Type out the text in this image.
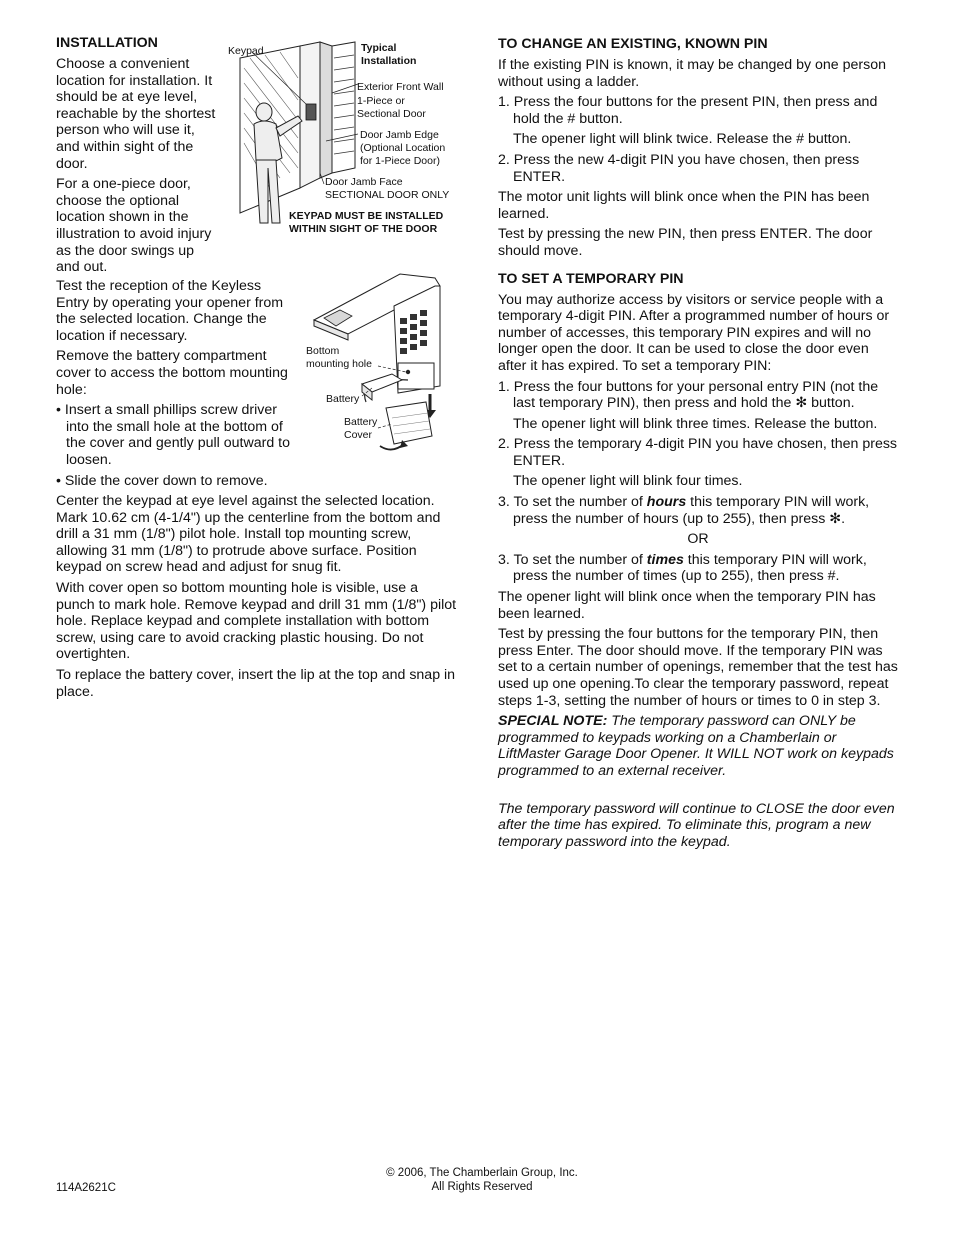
INSTALLATION

Choose a convenient location for installation. It should be at eye level, reachable by the shortest person who will use it, and within sight of the door.

For a one-piece door, choose the optional location shown in the illustration to avoid injury as the door swings up and out.

Test the reception of the Keyless Entry by operating your opener from the selected location. Change the location if necessary.

Remove the battery compartment cover to access the bottom mounting hole:

• Insert a small phillips screw driver into the small hole at the bottom of the cover and gently pull outward to loosen.

• Slide the cover down to remove.

Center the keypad at eye level against the selected location. Mark 10.62 cm (4-1/4") up the centerline from the bottom and drill a 31 mm (1/8") pilot hole. Install top mounting screw, allowing 31 mm (1/8") to protrude above surface. Position keypad on screw head and adjust for snug fit.

With cover open so bottom mounting hole is visible, use a punch to mark hole. Remove keypad and drill 31 mm (1/8") pilot hole. Replace keypad and complete installation with bottom screw, using care to avoid cracking plastic housing. Do not overtighten.

To replace the battery cover, insert the lip at the top and snap in place.

Keypad	Typical
Installation
Exterior Front Wall
1-Piece or
Sectional Door
Door Jamb Edge
(Optional Location
for 1-Piece Door)
Door Jamb Face
SECTIONAL DOOR ONLY
KEYPAD MUST BE INSTALLED
WITHIN SIGHT OF THE DOOR
Bottom
mounting hole
Battery
Battery
Cover

TO CHANGE AN EXISTING, KNOWN PIN

If the existing PIN is known, it may be changed by one person without using a ladder.

1. Press the four buttons for the present PIN, then press and hold the # button.

The opener light will blink twice. Release the # button.

2. Press the new 4-digit PIN you have chosen, then press ENTER.

The motor unit lights will blink once when the PIN has been learned.

Test by pressing the new PIN, then press ENTER. The door should move.

TO SET A TEMPORARY PIN

You may authorize access by visitors or service people with a temporary 4-digit PIN. After a programmed number of hours or number of accesses, this temporary PIN expires and will no longer open the door. It can be used to close the door even after it has expired. To set a temporary PIN:

1. Press the four buttons for your personal entry PIN (not the last temporary PIN), then press and hold the ✻ button.

The opener light will blink three times. Release the button.

2. Press the temporary 4-digit PIN you have chosen, then press ENTER.

The opener light will blink four times.

3. To set the number of hours this temporary PIN will work, press the number of hours (up to 255), then press ✻.

OR

3. To set the number of times this temporary PIN will work, press the number of times (up to 255), then press #.

The opener light will blink once when the temporary PIN has been learned.

Test by pressing the four buttons for the temporary PIN, then press Enter. The door should move. If the temporary PIN was set to a certain number of openings, remember that the test has used up one opening.To clear the temporary password, repeat steps 1-3, setting the number of hours or times to 0 in step 3.

SPECIAL NOTE: The temporary password can ONLY be programmed to keypads working on a Chamberlain or LiftMaster Garage Door Opener. It WILL NOT work on keypads programmed to an external receiver.

The temporary password will continue to CLOSE the door even after the time has expired. To eliminate this, program a new temporary password into the keypad.

114A2621C
© 2006, The Chamberlain Group, Inc.
All Rights Reserved
